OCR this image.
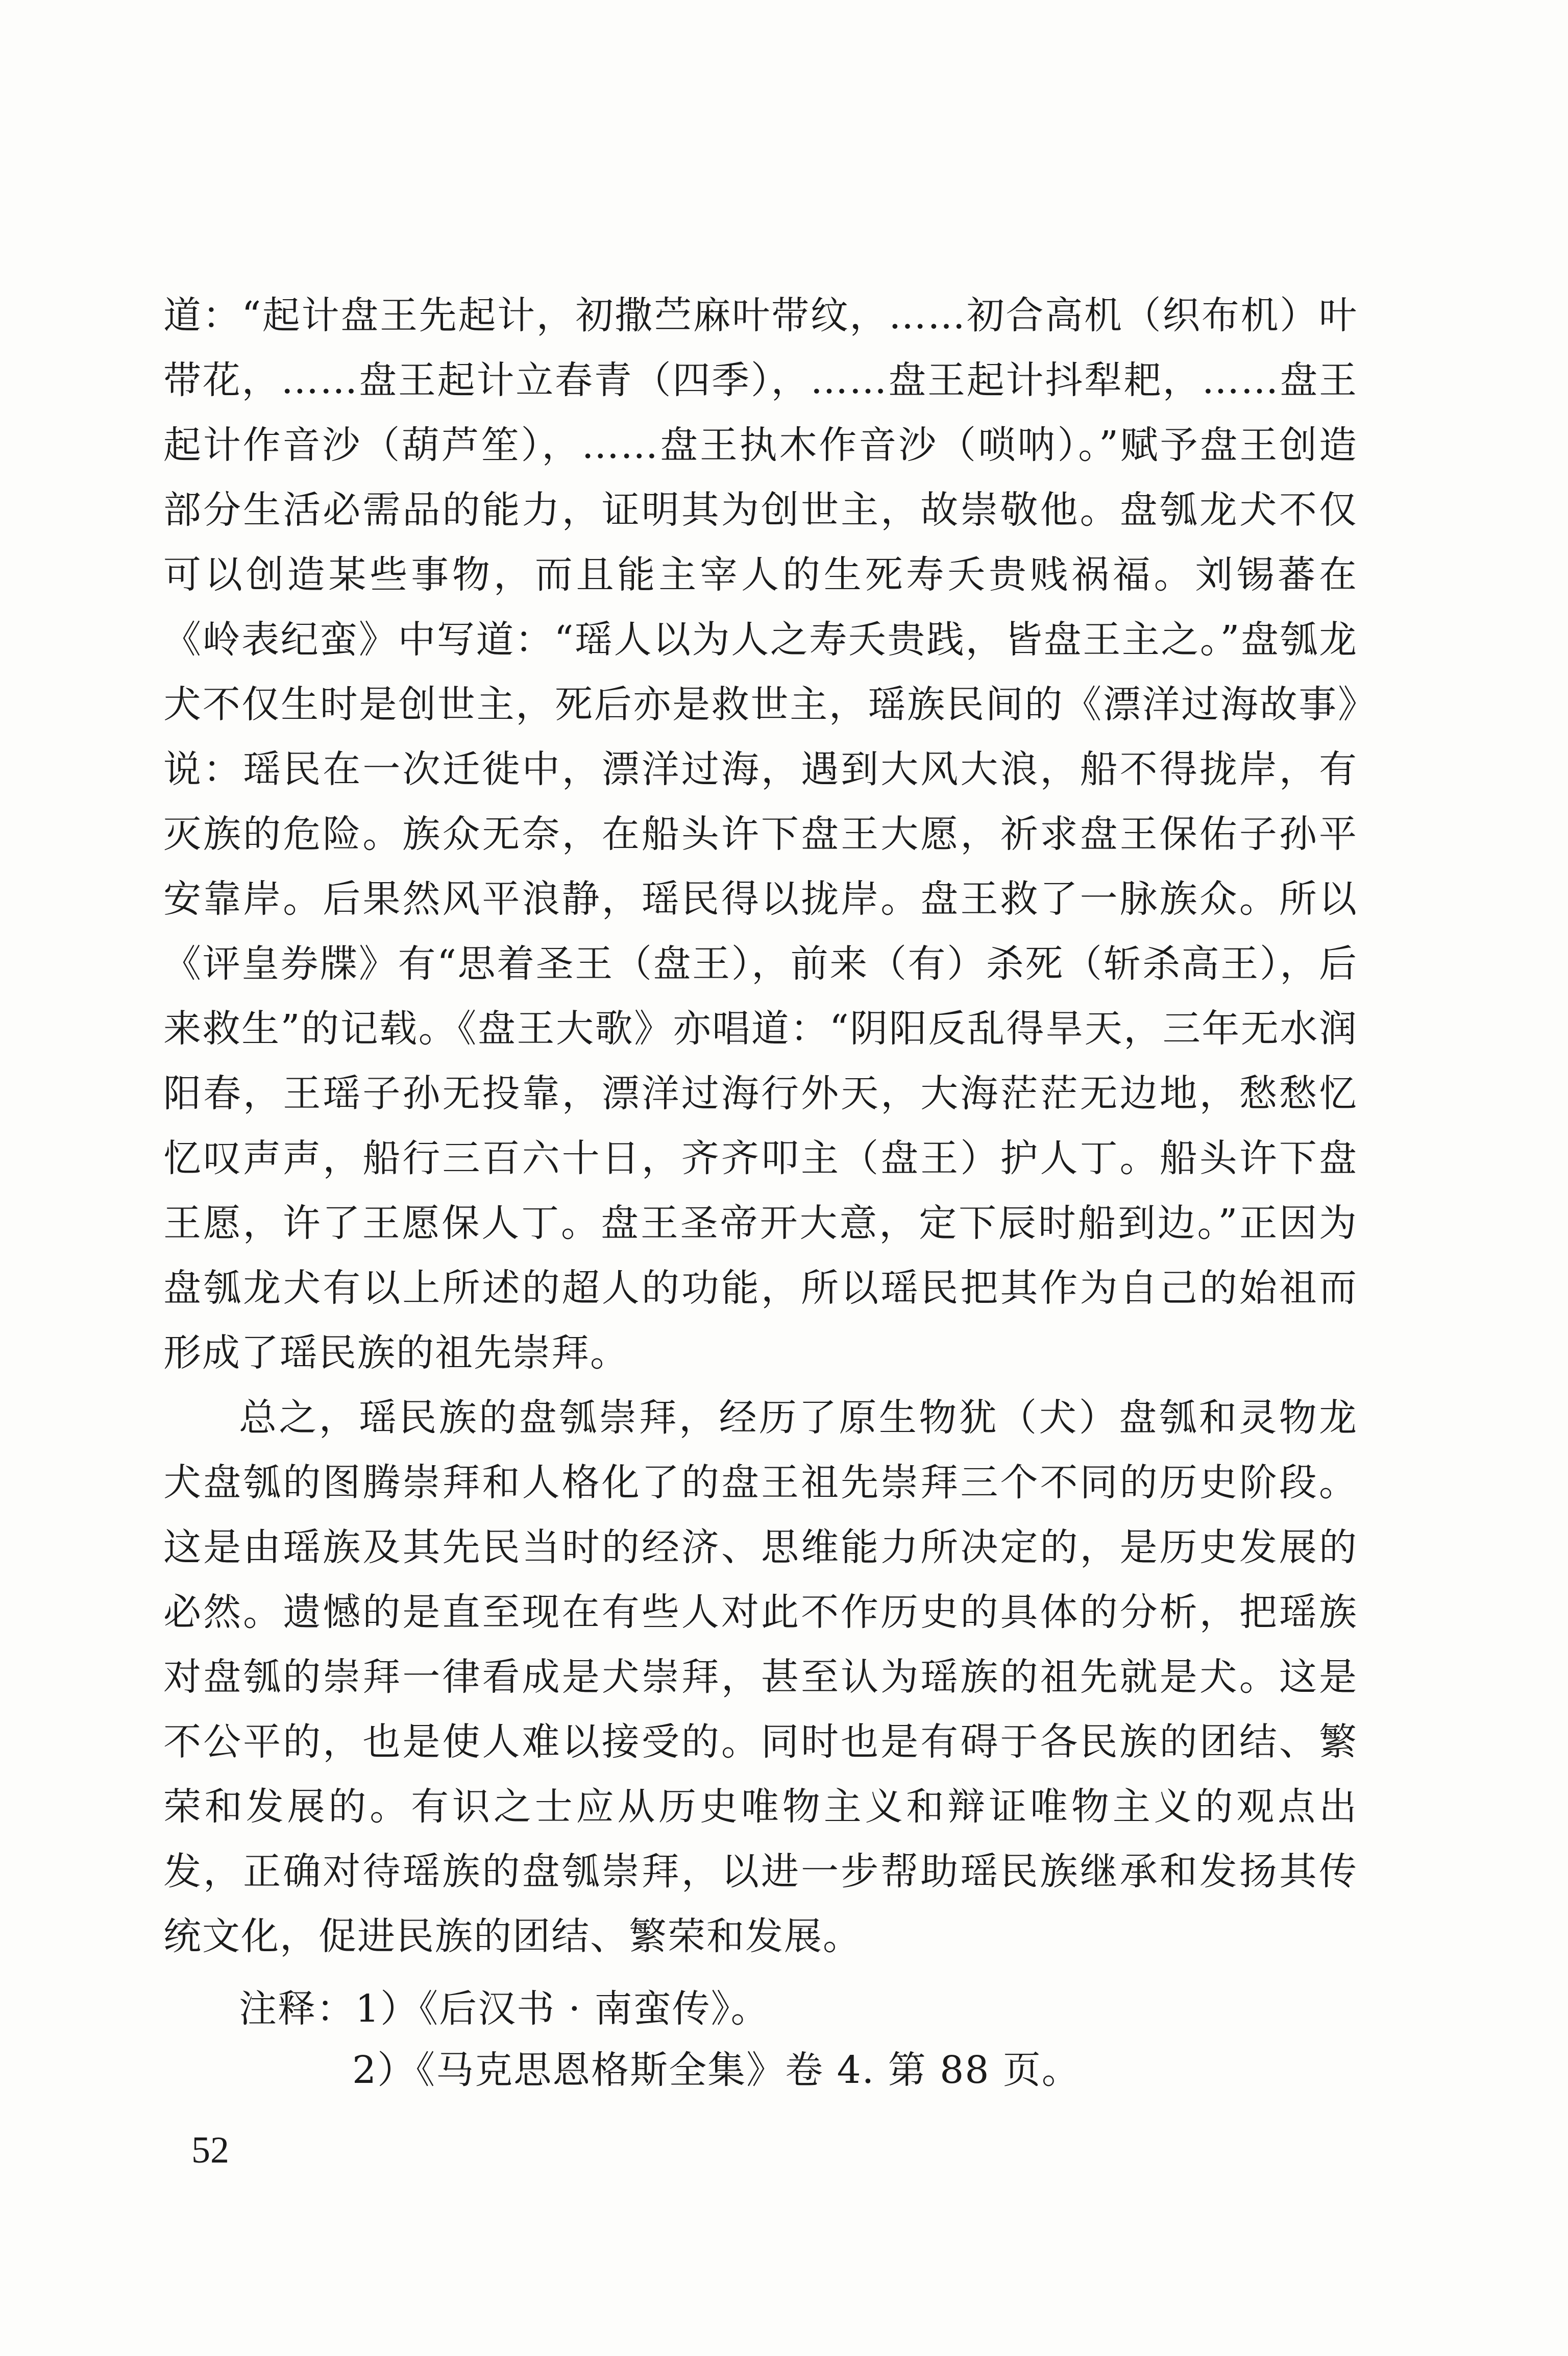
道：“起计盘王先起计，初撒苎麻叶带纹，……初合高机（织布机）叶带花，……盘王起计立春青（四季），……盘王起计抖犁耙，……盘王起计作音沙（葫芦笙），……盘王执木作音沙（唢呐）。”赋予盘王创造部分生活必需品的能力，证明其为创世主，故崇敬他。盘瓠龙犬不仅可以创造某些事物，而且能主宰人的生死寿夭贵贱祸福。刘锡蕃在《岭表纪蛮》中写道：“瑶人以为人之寿夭贵践，皆盘王主之。”盘瓠龙犬不仅生时是创世主，死后亦是救世主，瑶族民间的《漂洋过海故事》说：瑶民在一次迁徙中，漂洋过海，遇到大风大浪，船不得拢岸，有灭族的危险。族众无奈，在船头许下盘王大愿，祈求盘王保佑子孙平安靠岸。后果然风平浪静，瑶民得以拢岸。盘王救了一脉族众。所以《评皇券牒》有“思着圣王（盘王），前来（有）杀死（斩杀高王），后来救生”的记载。《盘王大歌》亦唱道：“阴阳反乱得旱天，三年无水润阳春，王瑶子孙无投靠，漂洋过海行外天，大海茫茫无边地，愁愁忆忆叹声声，船行三百六十日，齐齐叩主（盘王）护人丁。船头许下盘王愿，许了王愿保人丁。盘王圣帝开大意，定下辰时船到边。”正因为盘瓠龙犬有以上所述的超人的功能，所以瑶民把其作为自己的始祖而形成了瑶民族的祖先崇拜。

总之，瑶民族的盘瓠崇拜，经历了原生物犹（犬）盘瓠和灵物龙犬盘瓠的图腾崇拜和人格化了的盘王祖先崇拜三个不同的历史阶段。这是由瑶族及其先民当时的经济、思维能力所决定的，是历史发展的必然。遗憾的是直至现在有些人对此不作历史的具体的分析，把瑶族对盘瓠的崇拜一律看成是犬崇拜，甚至认为瑶族的祖先就是犬。这是不公平的，也是使人难以接受的。同时也是有碍于各民族的团结、繁荣和发展的。有识之士应从历史唯物主义和辩证唯物主义的观点出发，正确对待瑶族的盘瓠崇拜，以进一步帮助瑶民族继承和发扬其传统文化，促进民族的团结、繁荣和发展。

注释：1）《后汉书 · 南蛮传》。
2）《马克思恩格斯全集》卷 4. 第 88 页。
52
